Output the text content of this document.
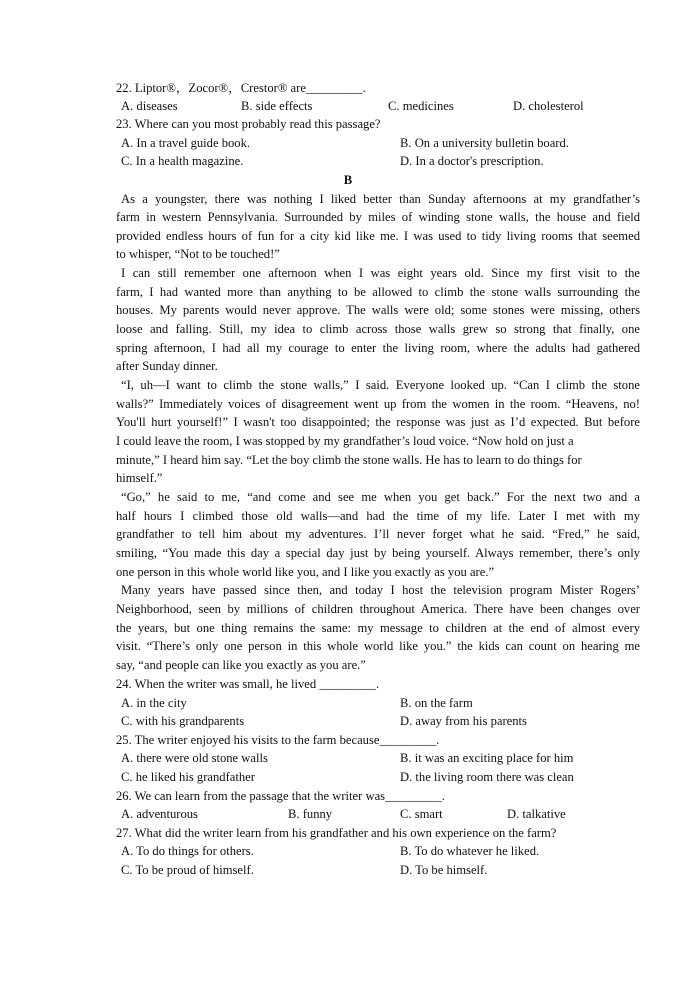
22. Liptor®，Zocor®，Crestor® are_________.
A. diseases	B. side effects	C. medicines	D. cholesterol
23. Where can you most probably read this passage?
A. In a travel guide book.	B. On a university bulletin board.
C. In a health magazine.	D. In a doctor's prescription.
B
As a youngster, there was nothing I liked better than Sunday afternoons at my grandfather’s
farm in western Pennsylvania. Surrounded by miles of winding stone walls, the house and field
provided endless hours of fun for a city kid like me. I was used to tidy living rooms that seemed
to whisper, “Not to be touched!”
I can still remember one afternoon when I was eight years old. Since my first visit to the
farm, I had wanted more than anything to be allowed to climb the stone walls surrounding the
houses. My parents would never approve. The walls were old; some stones were missing, others
loose and falling. Still, my idea to climb across those walls grew so strong that finally, one
spring afternoon, I had all my courage to enter the living room, where the adults had gathered
after Sunday dinner.
“I, uh—I want to climb the stone walls,” I said. Everyone looked up. “Can I climb the stone
walls?” Immediately voices of disagreement went up from the women in the room. “Heavens, no!
You'll hurt yourself!” I wasn't too disappointed; the response was just as I’d expected. But before
I could leave the room, I was stopped by my grandfather’s loud voice. “Now hold on just a
minute,” I heard him say. “Let the boy climb the stone walls. He has to learn to do things for
himself.”
“Go,” he said to me, “and come and see me when you get back.” For the next two and a
half hours I climbed those old walls—and had the time of my life. Later I met with my
grandfather to tell him about my adventures. I’ll never forget what he said. “Fred,” he said,
smiling, “You made this day a special day just by being yourself. Always remember, there’s only
one person in this whole world like you, and I like you exactly as you are.”
Many years have passed since then, and today I host the television program Mister Rogers’
Neighborhood, seen by millions of children throughout America. There have been changes over
the years, but one thing remains the same: my message to children at the end of almost every
visit. “There’s only one person in this whole world like you.” the kids can count on hearing me
say, “and people can like you exactly as you are.”
24. When the writer was small, he lived _________.
A. in the city	B. on the farm
C. with his grandparents	D. away from his parents
25. The writer enjoyed his visits to the farm because_________.
A. there were old stone walls	B. it was an exciting place for him
C. he liked his grandfather	D. the living room there was clean
26. We can learn from the passage that the writer was_________.
A. adventurous	B. funny	C. smart	D. talkative
27. What did the writer learn from his grandfather and his own experience on the farm?
A. To do things for others.	B. To do whatever he liked.
C. To be proud of himself.	D. To be himself.
